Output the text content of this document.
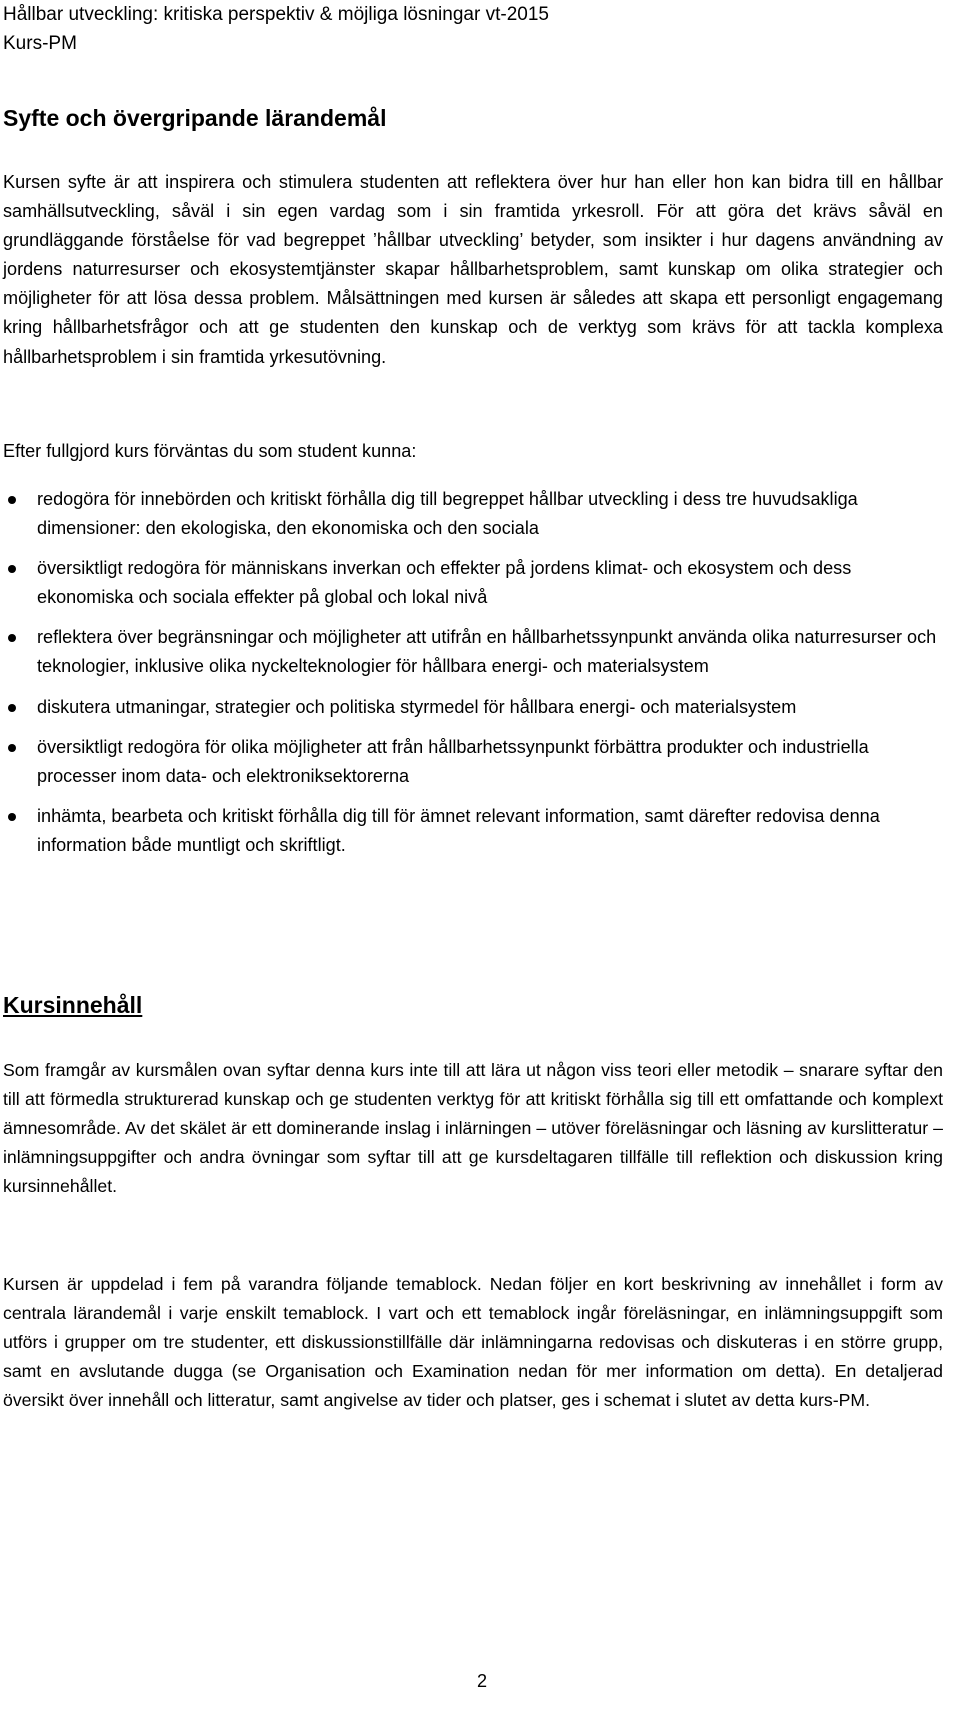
Hållbar utveckling: kritiska perspektiv & möjliga lösningar vt-2015
Kurs-PM
Syfte och övergripande lärandemål

Kursen syfte är att inspirera och stimulera studenten att reflektera över hur han eller hon kan bidra till en hållbar samhällsutveckling, såväl i sin egen vardag som i sin framtida yrkesroll. För att göra det krävs såväl en grundläggande förståelse för vad begreppet ’hållbar utveckling’ betyder, som insikter i hur dagens användning av jordens naturresurser och ekosystemtjänster skapar hållbarhetsproblem, samt kunskap om olika strategier och möjligheter för att lösa dessa problem. Målsättningen med kursen är således att skapa ett personligt engagemang kring hållbarhetsfrågor och att ge studenten den kunskap och de verktyg som krävs för att tackla komplexa hållbarhetsproblem i sin framtida yrkesutövning.

Efter fullgjord kurs förväntas du som student kunna:

redogöra för innebörden och kritiskt förhålla dig till begreppet hållbar utveckling i dess tre huvudsakliga dimensioner: den ekologiska, den ekonomiska och den sociala
översiktligt redogöra för människans inverkan och effekter på jordens klimat- och ekosystem och dess ekonomiska och sociala effekter på global och lokal nivå
reflektera över begränsningar och möjligheter att utifrån en hållbarhetssynpunkt använda olika naturresurser och teknologier, inklusive olika nyckelteknologier för hållbara energi- och materialsystem
diskutera utmaningar, strategier och politiska styrmedel för hållbara energi- och materialsystem
översiktligt redogöra för olika möjligheter att från hållbarhetssynpunkt förbättra produkter och industriella processer inom data- och elektroniksektorerna
inhämta, bearbeta och kritiskt förhålla dig till för ämnet relevant information, samt därefter redovisa denna information både muntligt och skriftligt.
Kursinnehåll

Som framgår av kursmålen ovan syftar denna kurs inte till att lära ut någon viss teori eller metodik – snarare syftar den till att förmedla strukturerad kunskap och ge studenten verktyg för att kritiskt förhålla sig till ett omfattande och komplext ämnesområde. Av det skälet är ett dominerande inslag i inlärningen – utöver föreläsningar och läsning av kurslitteratur – inlämningsuppgifter och andra övningar som syftar till att ge kursdeltagaren tillfälle till reflektion och diskussion kring kursinnehållet.

Kursen är uppdelad i fem på varandra följande temablock. Nedan följer en kort beskrivning av innehållet i form av centrala lärandemål i varje enskilt temablock. I vart och ett temablock ingår föreläsningar, en inlämningsuppgift som utförs i grupper om tre studenter, ett diskussionstillfälle där inlämningarna redovisas och diskuteras i en större grupp, samt en avslutande dugga (se Organisation och Examination nedan för mer information om detta). En detaljerad översikt över innehåll och litteratur, samt angivelse av tider och platser, ges i schemat i slutet av detta kurs-PM.

2
